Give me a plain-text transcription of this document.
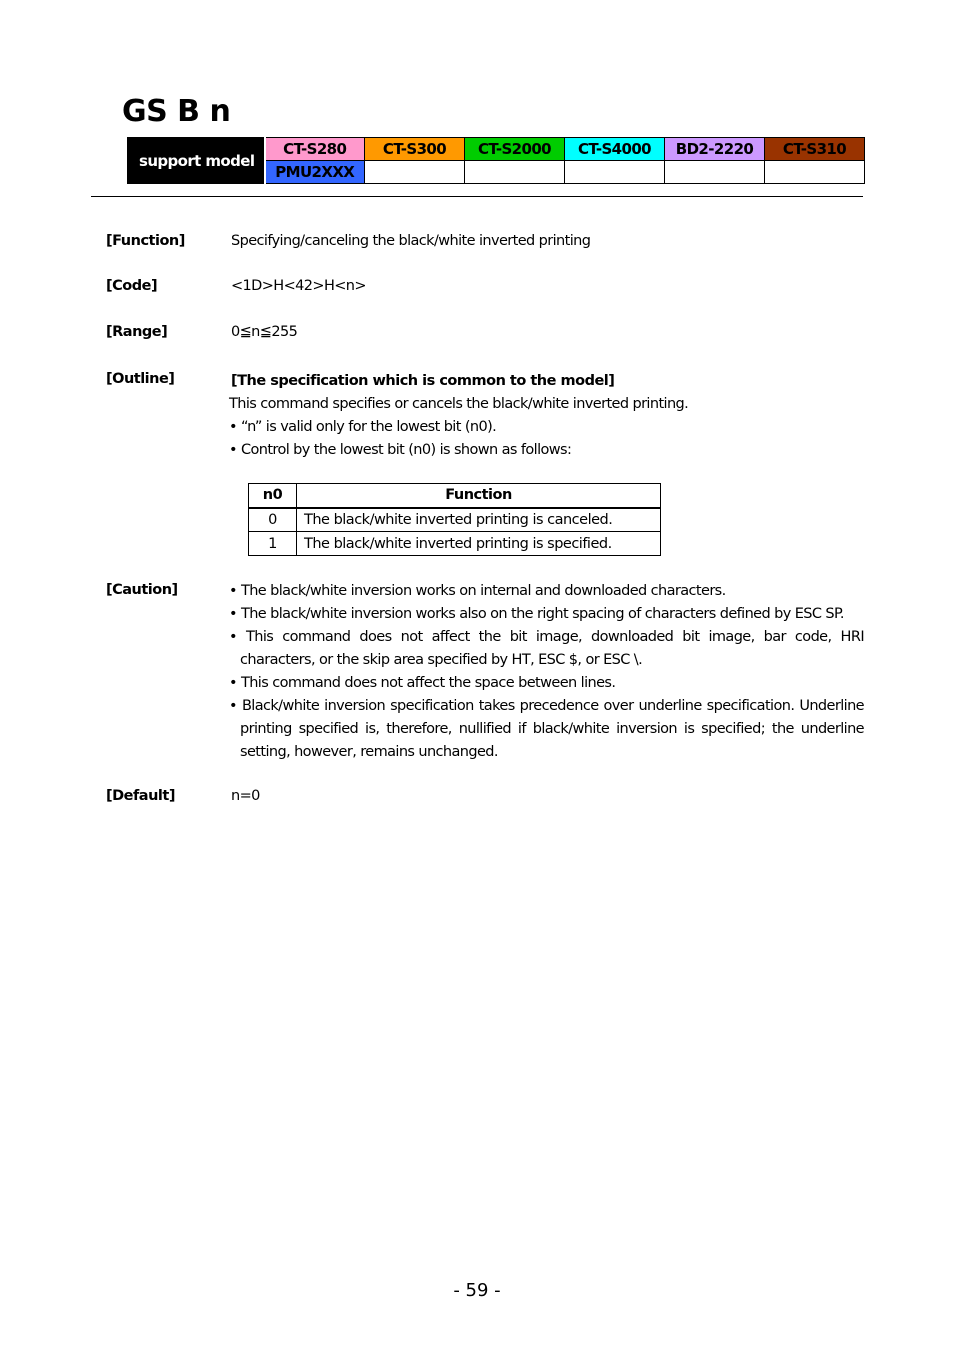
GS B n
support model	CT-S280	CT-S300	CT-S2000	CT-S4000	BD2-2220	CT-S310
	PMU2XXX					
[Function]	Specifying/canceling the black/white inverted printing
[Code]	<1D>H<42>H<n>
[Range]	0≦n≦255
[Outline]	[The specification which is common to the model]
This command specifies or cancels the black/white inverted printing.
• “n” is valid only for the lowest bit (n0).
• Control by the lowest bit (n0) is shown as follows:
n0	Function
0	The black/white inverted printing is canceled.
1	The black/white inverted printing is specified.
[Caution]	• The black/white inversion works on internal and downloaded characters.
• The black/white inversion works also on the right spacing of characters defined by ESC SP.
• This command does not affect the bit image, downloaded bit image, bar code, HRI characters, or the skip area specified by HT, ESC $, or ESC \.
• This command does not affect the space between lines.
• Black/white inversion specification takes precedence over underline specification. Underline printing specified is, therefore, nullified if black/white inversion is specified; the underline setting, however, remains unchanged.
[Default]	n=0
- 59 -
